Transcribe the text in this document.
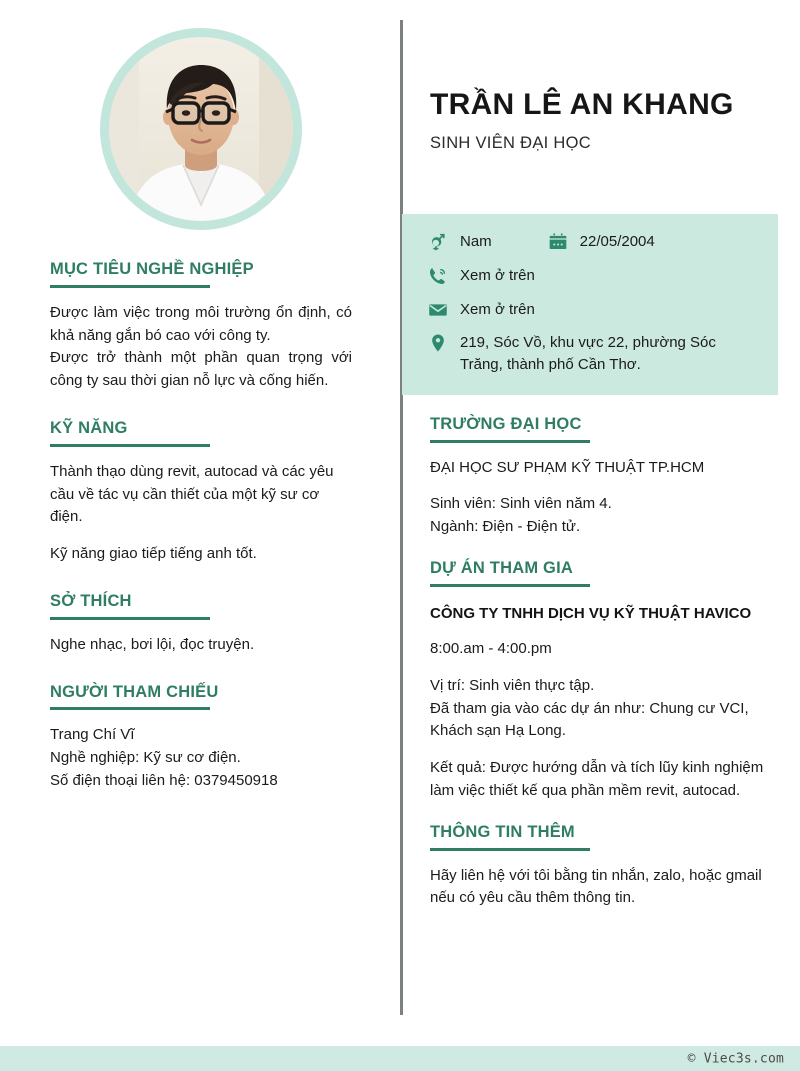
MỤC TIÊU NGHỀ NGHIỆP
Được làm việc trong môi trường ổn định, có khả năng gắn bó cao với công ty.
Được trở thành một phần quan trọng với công ty sau thời gian nỗ lực và cống hiến.
KỸ NĂNG
Thành thạo dùng revit, autocad và các yêu cầu về tác vụ cần thiết của một kỹ sư cơ điện.
Kỹ năng giao tiếp tiếng anh tốt.
SỞ THÍCH
Nghe nhạc, bơi lội, đọc truyện.
NGƯỜI THAM CHIẾU
Trang Chí Vĩ
Nghề nghiệp: Kỹ sư cơ điện.
Số điện thoại liên hệ: 0379450918
TRẦN LÊ AN KHANG
SINH VIÊN ĐẠI HỌC
Nam	22/05/2004
Xem ở trên
Xem ở trên
219, Sóc Vồ, khu vực 22, phường Sóc Trăng, thành phố Cần Thơ.
TRƯỜNG ĐẠI HỌC
ĐẠI HỌC SƯ PHẠM KỸ THUẬT TP.HCM
Sinh viên: Sinh viên năm 4.
Ngành: Điện - Điện tử.
DỰ ÁN THAM GIA
CÔNG TY TNHH DỊCH VỤ KỸ THUẬT HAVICO
8:00.am - 4:00.pm
Vị trí: Sinh viên thực tập.
Đã tham gia vào các dự án như: Chung cư VCI, Khách sạn Hạ Long.
Kết quả: Được hướng dẫn và tích lũy kinh nghiệm làm việc thiết kế qua phần mềm revit, autocad.
THÔNG TIN THÊM
Hãy liên hệ với tôi bằng tin nhắn, zalo, hoặc gmail nếu có yêu cầu thêm thông tin.
© Viec3s.com
